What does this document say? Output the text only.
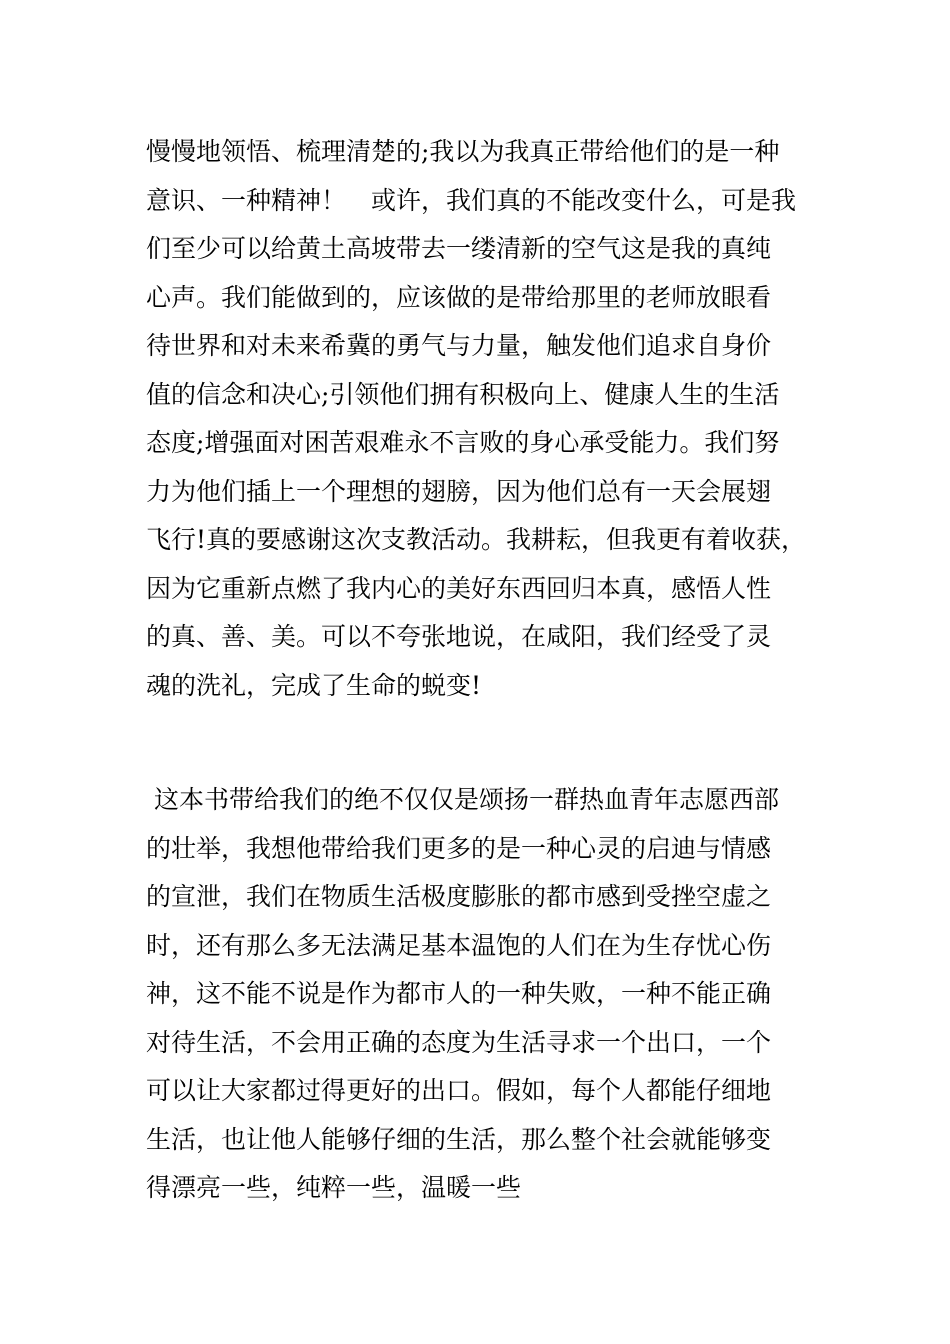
慢慢地领悟、梳理清楚的;我以为我真正带给他们的是一种
意识、一种精神！　或许，我们真的不能改变什么，可是我
们至少可以给黄土高坡带去一缕清新的空气这是我的真纯
心声。我们能做到的，应该做的是带给那里的老师放眼看
待世界和对未来希冀的勇气与力量，触发他们追求自身价
值的信念和决心;引领他们拥有积极向上、健康人生的生活
态度;增强面对困苦艰难永不言败的身心承受能力。我们努
力为他们插上一个理想的翅膀，因为他们总有一天会展翅
飞行!真的要感谢这次支教活动。我耕耘，但我更有着收获，
因为它重新点燃了我内心的美好东西回归本真，感悟人性
的真、善、美。可以不夸张地说，在咸阳，我们经受了灵
魂的洗礼，完成了生命的蜕变!
这本书带给我们的绝不仅仅是颂扬一群热血青年志愿西部
的壮举，我想他带给我们更多的是一种心灵的启迪与情感
的宣泄，我们在物质生活极度膨胀的都市感到受挫空虚之
时，还有那么多无法满足基本温饱的人们在为生存忧心伤
神，这不能不说是作为都市人的一种失败，一种不能正确
对待生活，不会用正确的态度为生活寻求一个出口，一个
可以让大家都过得更好的出口。假如，每个人都能仔细地
生活，也让他人能够仔细的生活，那么整个社会就能够变
得漂亮一些，纯粹一些，温暖一些
